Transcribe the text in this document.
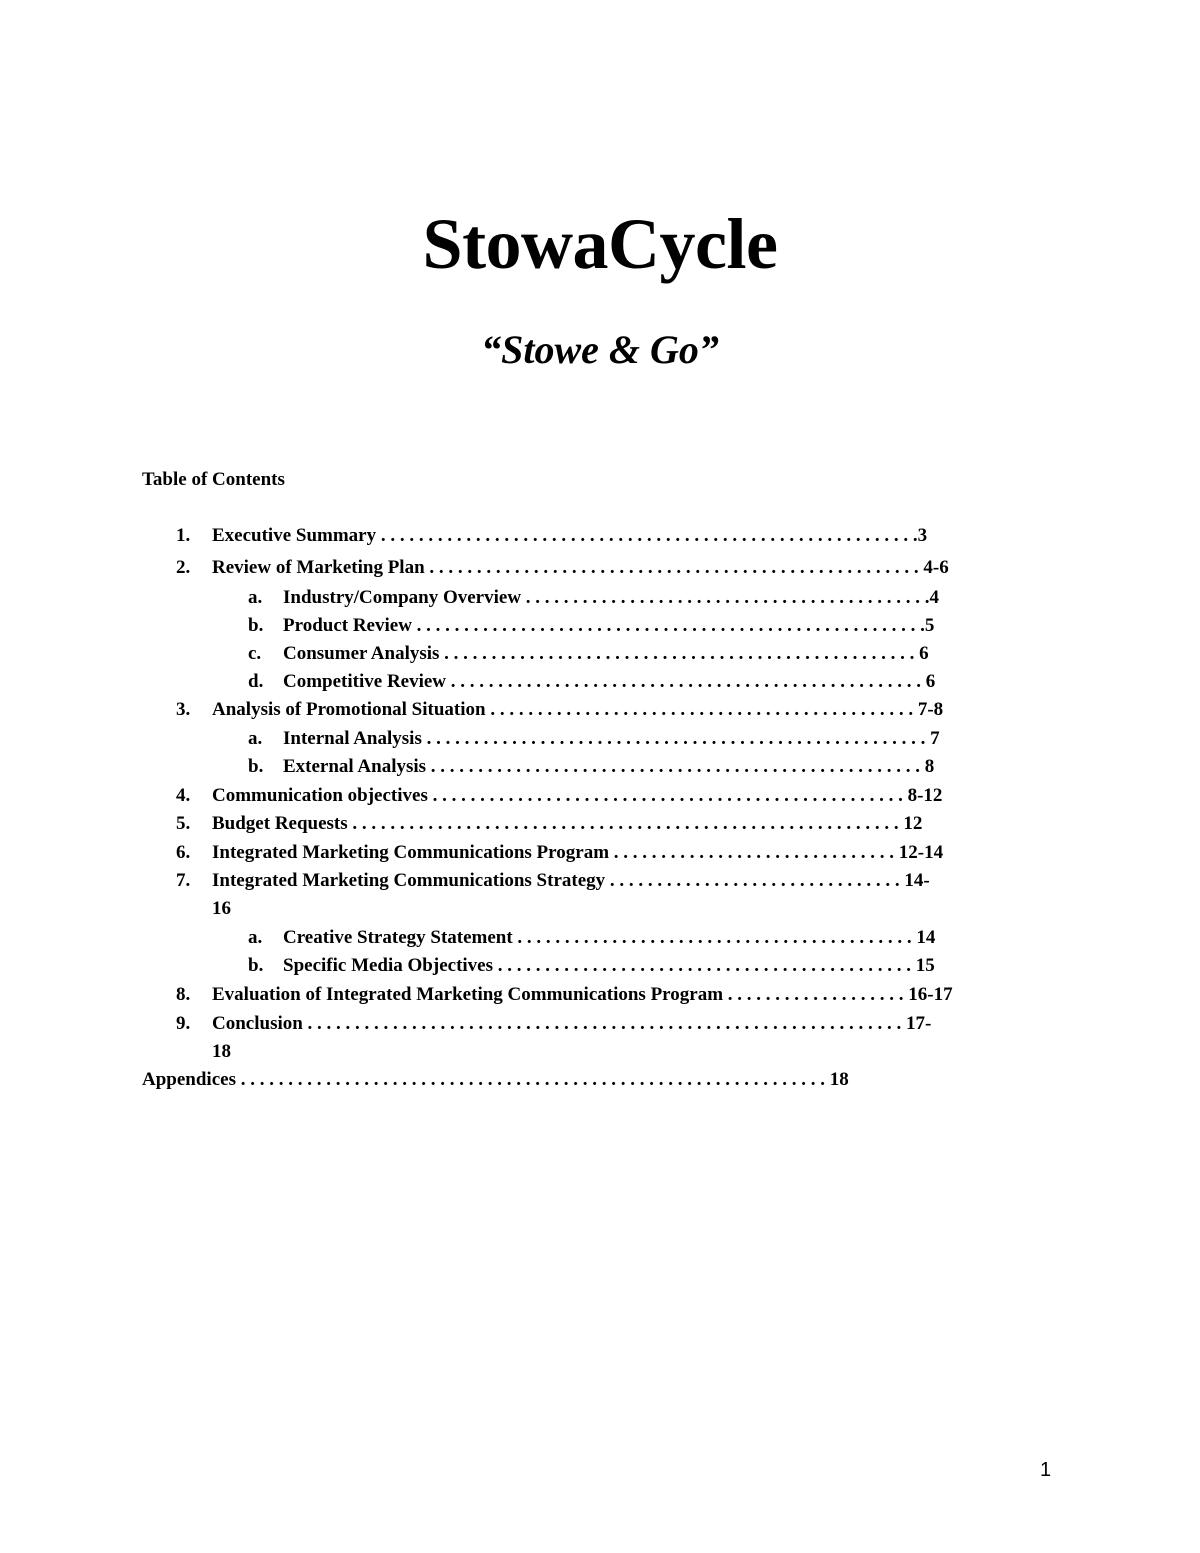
StowaCycle
“Stowe & Go”
Table of Contents
1. Executive Summary . . . . . . . . . . . . . . . . . . . . . . . . . . . . . . . . . . . . . . . . . . . . . . . . . . . . . . . . .3
2. Review of Marketing Plan . . . . . . . . . . . . . . . . . . . . . . . . . . . . . . . . . . . . . . . . . . . . . . . . . . . . 4-6
a. Industry/Company Overview . . . . . . . . . . . . . . . . . . . . . . . . . . . . . . . . . . . . . . . . . . .4
b. Product Review . . . . . . . . . . . . . . . . . . . . . . . . . . . . . . . . . . . . . . . . . . . . . . . . . . . . . .5
c. Consumer Analysis . . . . . . . . . . . . . . . . . . . . . . . . . . . . . . . . . . . . . . . . . . . . . . . . . . 6
d. Competitive Review . . . . . . . . . . . . . . . . . . . . . . . . . . . . . . . . . . . . . . . . . . . . . . . . . . 6
3. Analysis of Promotional Situation . . . . . . . . . . . . . . . . . . . . . . . . . . . . . . . . . . . . . . . . . . . . . 7-8
a. Internal Analysis . . . . . . . . . . . . . . . . . . . . . . . . . . . . . . . . . . . . . . . . . . . . . . . . . . . . . 7
b. External Analysis . . . . . . . . . . . . . . . . . . . . . . . . . . . . . . . . . . . . . . . . . . . . . . . . . . . . 8
4. Communication objectives . . . . . . . . . . . . . . . . . . . . . . . . . . . . . . . . . . . . . . . . . . . . . . . . . . 8-12
5. Budget Requests . . . . . . . . . . . . . . . . . . . . . . . . . . . . . . . . . . . . . . . . . . . . . . . . . . . . . . . . . . 12
6. Integrated Marketing Communications Program . . . . . . . . . . . . . . . . . . . . . . . . . . . . . . 12-14
7. Integrated Marketing Communications Strategy . . . . . . . . . . . . . . . . . . . . . . . . . . . . . . . 14-
16
a. Creative Strategy Statement . . . . . . . . . . . . . . . . . . . . . . . . . . . . . . . . . . . . . . . . . . 14
b. Specific Media Objectives . . . . . . . . . . . . . . . . . . . . . . . . . . . . . . . . . . . . . . . . . . . . 15
8. Evaluation of Integrated Marketing Communications Program . . . . . . . . . . . . . . . . . . . 16-17
9. Conclusion . . . . . . . . . . . . . . . . . . . . . . . . . . . . . . . . . . . . . . . . . . . . . . . . . . . . . . . . . . . . . . . 17-
18
Appendices . . . . . . . . . . . . . . . . . . . . . . . . . . . . . . . . . . . . . . . . . . . . . . . . . . . . . . . . . . . . . . 18
1
